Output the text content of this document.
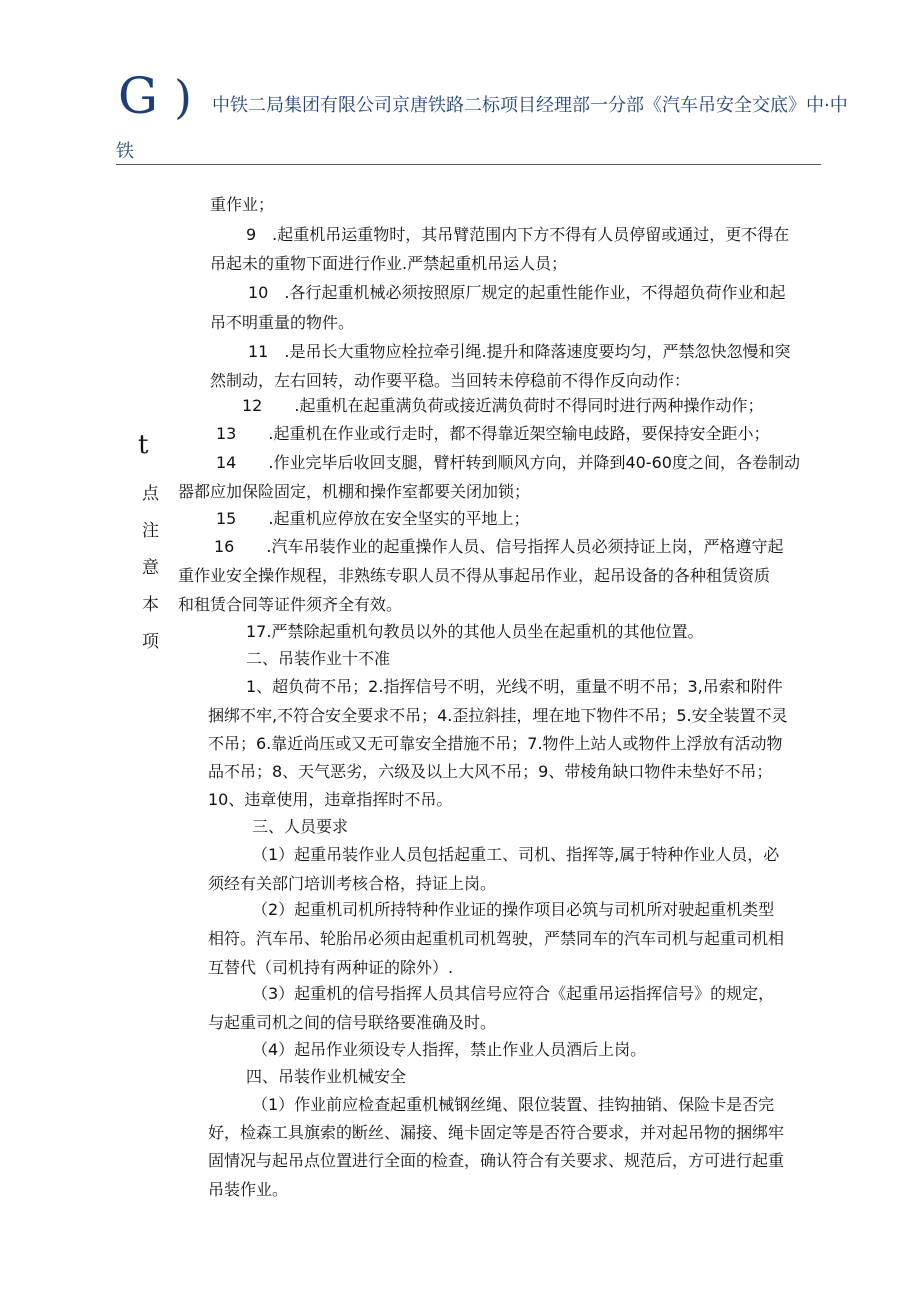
G ) 中铁二局集团有限公司京唐铁路二标项目经理部一分部《汽车吊安全交底》中·中
铁
t
点注意本项
重作业；
9　.起重机吊运重物时，其吊臂范围内下方不得有人员停留或通过，更不得在
吊起未的重物下面进行作业.严禁起重机吊运人员；
10　.各行起重机械必须按照原厂规定的起重性能作业，不得超负荷作业和起
吊不明重量的物件。
11　.是吊长大重物应栓拉牵引绳.提升和降落速度要均匀，严禁忽快忽慢和突
然制动，左右回转，动作要平稳。当回转未停稳前不得作反向动作：
12　　.起重机在起重满负荷或接近满负荷时不得同时进行两种操作动作；
13　　.起重机在作业或行走时，都不得靠近架空输电歧路，要保持安全距小；
14　　.作业完毕后收回支腿，臂杆转到顺风方向，并降到40-60度之间，各卷制动
器都应加保险固定，机棚和操作室都要关闭加锁；
15　　.起重机应停放在安全坚实的平地上；
16　　.汽车吊装作业的起重操作人员、信号指挥人员必须持证上岗，严格遵守起
重作业安全操作规程，非熟练专职人员不得从事起吊作业，起吊设备的各种租赁资质
和租赁合同等证件须齐全有效。
17.严禁除起重机句教员以外的其他人员坐在起重机的其他位置。
二、吊装作业十不准
1、超负荷不吊；2.指挥信号不明，光线不明，重量不明不吊；3,吊索和附件
捆绑不牢,不符合安全要求不吊；4.歪拉斜挂，埋在地下物件不吊；5.安全装置不灵
不吊；6.靠近尚压或又无可靠安全措施不吊；7.物件上站人或物件上浮放有活动物
品不吊；8、天气恶劣，六级及以上大风不吊；9、带棱角缺口物件未垫好不吊；
10、违章使用，违章指挥时不吊。
三、人员要求
（1）起重吊装作业人员包括起重工、司机、指挥等,属于特种作业人员，必
须经有关部门培训考核合格，持证上岗。
（2）起重机司机所持特种作业证的操作项目必筑与司机所对驶起重机类型
相符。汽车吊、轮胎吊必须由起重机司机驾驶，严禁同车的汽车司机与起重司机相
互替代（司机持有两种证的除外）.
（3）起重机的信号指挥人员其信号应符合《起重吊运指挥信号》的规定，
与起重司机之间的信号联络要准确及时。
（4）起吊作业须设专人指挥，禁止作业人员酒后上岗。
四、吊装作业机械安全
（1）作业前应检查起重机械钢丝绳、限位装置、挂钩抽销、保险卡是否完
好，检森工具旗索的断丝、漏接、绳卡固定等是否符合要求，并对起吊物的捆绑牢
固情况与起吊点位置进行全面的检查，确认符合有关要求、规范后，方可进行起重
吊装作业。
